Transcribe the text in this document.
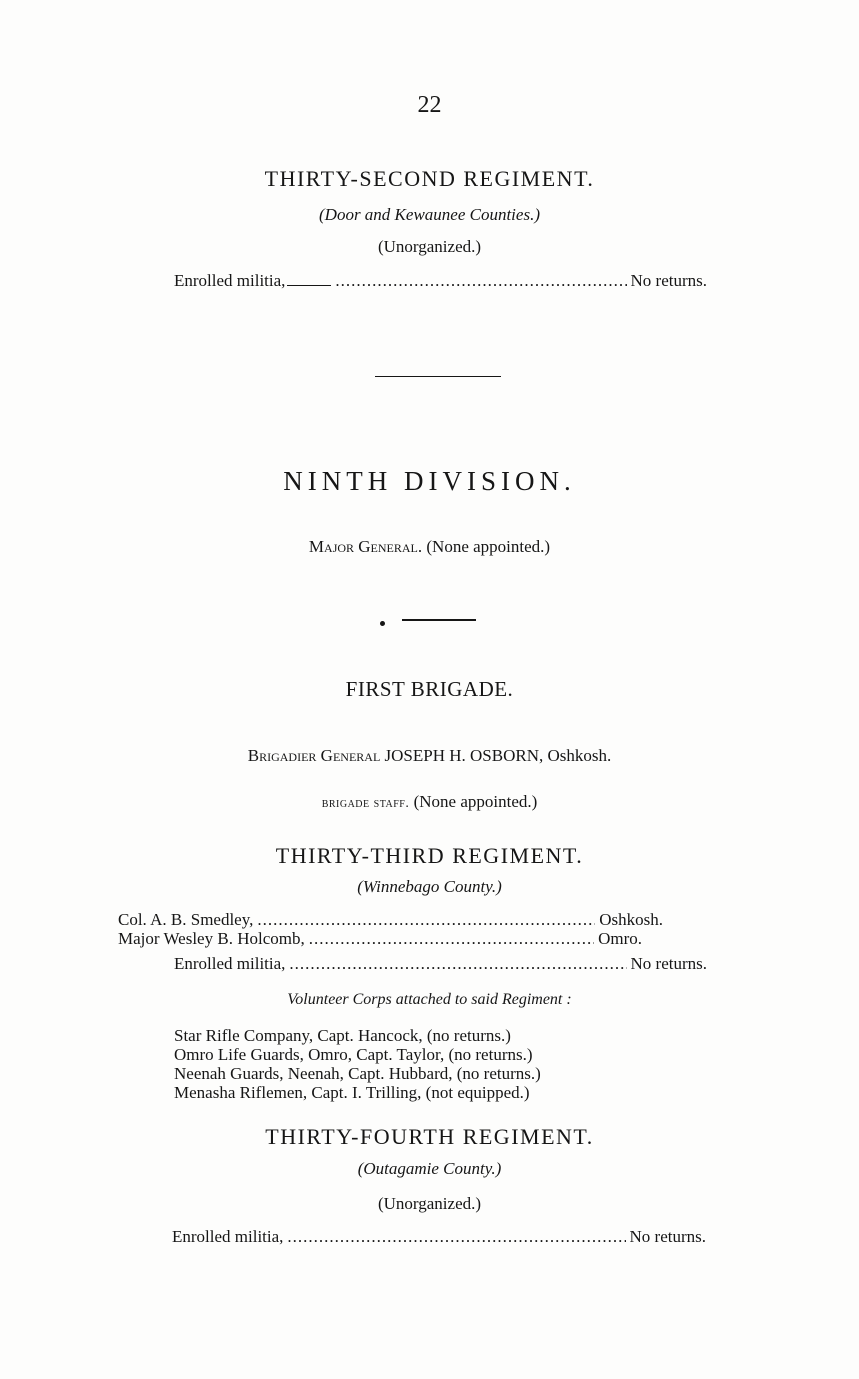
22
THIRTY-SECOND REGIMENT.
(Door and Kewaunee Counties.)
(Unorganized.)
Enrolled militia, .....	No returns.
NINTH DIVISION.
Major General. (None appointed.)
FIRST BRIGADE.
Brigadier General JOSEPH H. OSBORN, Oshkosh.
brigade staff. (None appointed.)
THIRTY-THIRD REGIMENT.
(Winnebago County.)
Col. A. B. Smedley, .....	Oshkosh.
Major Wesley B. Holcomb, .....	Omro.
Enrolled militia, .....	No returns.
Volunteer Corps attached to said Regiment :
Star Rifle Company, Capt. Hancock, (no returns.)
Omro Life Guards, Omro, Capt. Taylor, (no returns.)
Neenah Guards, Neenah, Capt. Hubbard, (no returns.)
Menasha Riflemen, Capt. I. Trilling, (not equipped.)
THIRTY-FOURTH REGIMENT.
(Outagamie County.)
(Unorganized.)
Enrolled militia, .....	No returns.
